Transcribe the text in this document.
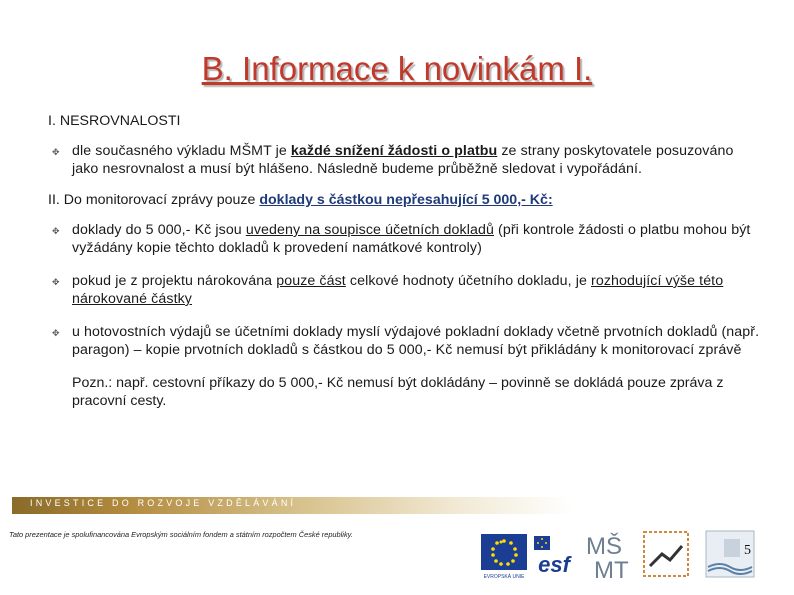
B. Informace k novinkám I.

I. NESROVNALOSTI

✥ dle současného výkladu MŠMT je každé snížení žádosti o platbu ze strany poskytovatele posuzováno jako nesrovnalost a musí být hlášeno. Následně budeme průběžně sledovat i vypořádání.

II. Do monitorovací zprávy pouze doklady s částkou nepřesahující 5 000,- Kč:

✥ doklady do 5 000,- Kč jsou uvedeny na soupisce účetních dokladů (při kontrole žádosti o platbu mohou být vyžádány kopie těchto dokladů k provedení namátkové kontroly)
✥ pokud je z projektu nárokována pouze část celkové hodnoty účetního dokladu, je rozhodující výše této nárokované částky
✥ u hotovostních výdajů se účetními doklady myslí výdajové pokladní doklady včetně prvotních dokladů (např. paragon) – kopie prvotních dokladů s částkou do 5 000,- Kč nemusí být přikládány k monitorovací zprávě
Pozn.: např. cestovní příkazy do 5 000,- Kč nemusí být dokládány – povinně se dokládá pouze zpráva z pracovní cesty.
INVESTICE DO ROZVOJE VZDĚLÁVÁNÍ
Tato prezentace je spolufinancována Evropským sociálním fondem a státním rozpočtem České republiky.
EVROPSKÁ UNIE esf
MŠ
MT
5
